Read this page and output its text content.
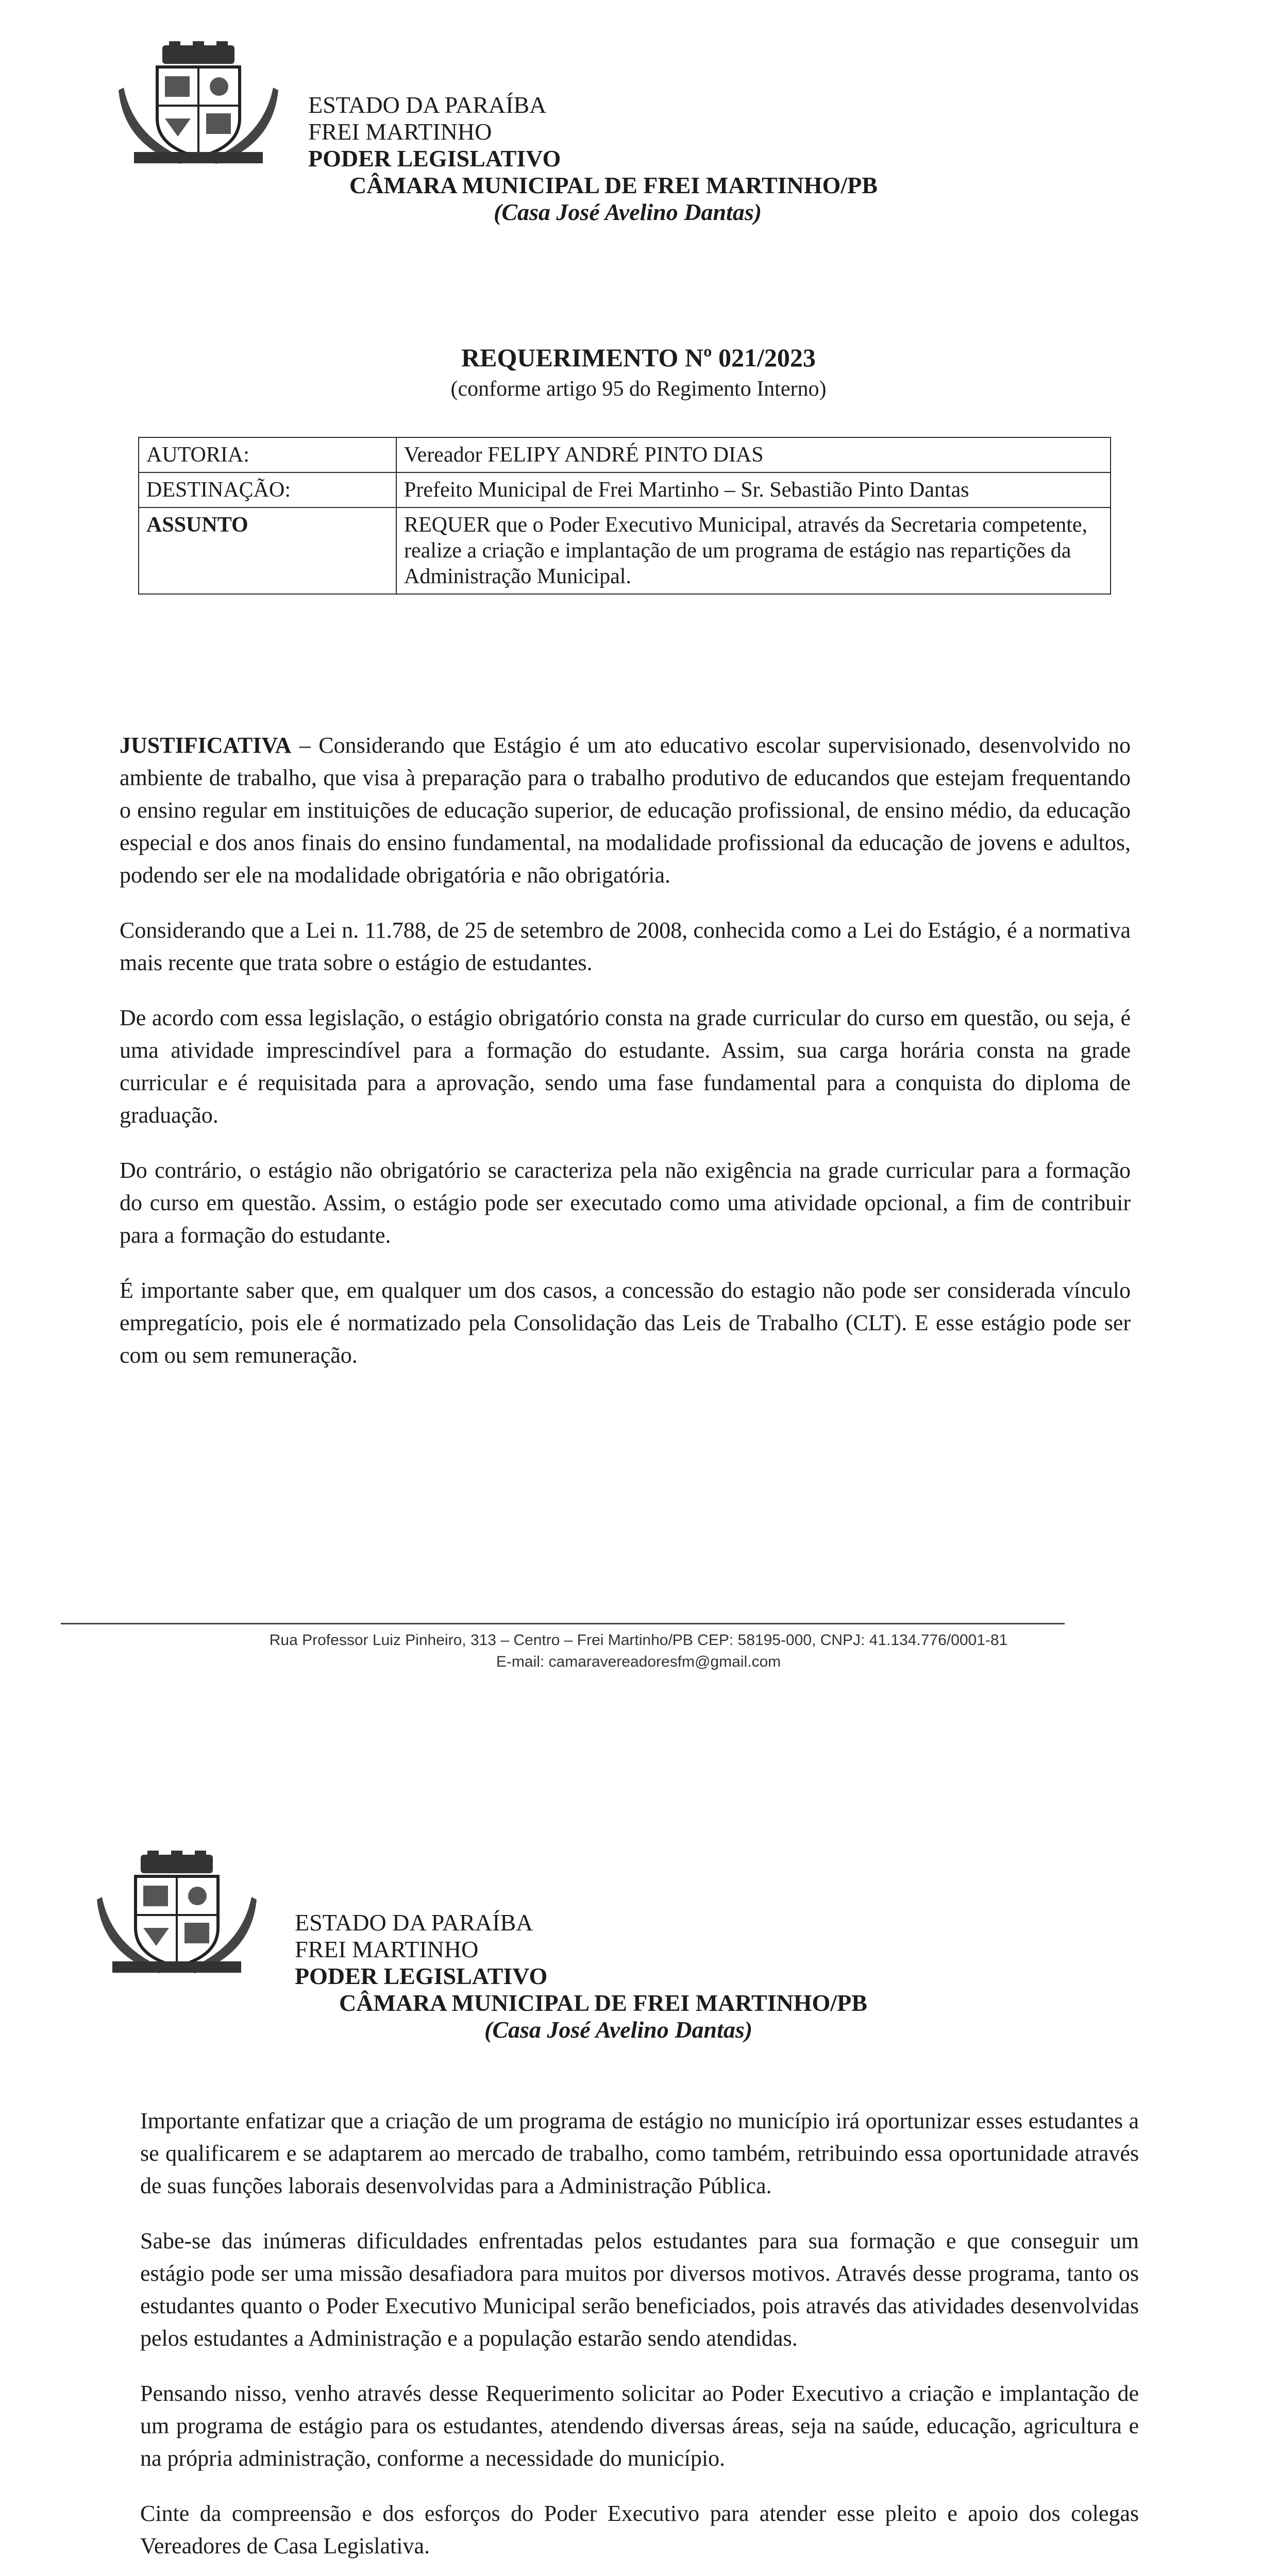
ESTADO DA PARAÍBA
FREI MARTINHO
PODER LEGISLATIVO
CÂMARA MUNICIPAL DE FREI MARTINHO/PB
(Casa José Avelino Dantas)
REQUERIMENTO Nº 021/2023
(conforme artigo 95 do Regimento Interno)
AUTORIA:	Vereador FELIPY ANDRÉ PINTO DIAS
DESTINAÇÃO:	Prefeito Municipal de Frei Martinho – Sr. Sebastião Pinto Dantas
ASSUNTO	REQUER que o Poder Executivo Municipal, através da Secretaria competente, realize a criação e implantação de um programa de estágio nas repartições da Administração Municipal.

JUSTIFICATIVA – Considerando que Estágio é um ato educativo escolar supervisionado, desenvolvido no ambiente de trabalho, que visa à preparação para o trabalho produtivo de educandos que estejam frequentando o ensino regular em instituições de educação superior, de educação profissional, de ensino médio, da educação especial e dos anos finais do ensino fundamental, na modalidade profissional da educação de jovens e adultos, podendo ser ele na modalidade obrigatória e não obrigatória.

Considerando que a Lei n. 11.788, de 25 de setembro de 2008, conhecida como a Lei do Estágio, é a normativa mais recente que trata sobre o estágio de estudantes.

De acordo com essa legislação, o estágio obrigatório consta na grade curricular do curso em questão, ou seja, é uma atividade imprescindível para a formação do estudante. Assim, sua carga horária consta na grade curricular e é requisitada para a aprovação, sendo uma fase fundamental para a conquista do diploma de graduação.

Do contrário, o estágio não obrigatório se caracteriza pela não exigência na grade curricular para a formação do curso em questão. Assim, o estágio pode ser executado como uma atividade opcional, a fim de contribuir para a formação do estudante.

É importante saber que, em qualquer um dos casos, a concessão do estagio não pode ser considerada vínculo empregatício, pois ele é normatizado pela Consolidação das Leis de Trabalho (CLT). E esse estágio pode ser com ou sem remuneração.

Rua Professor Luiz Pinheiro, 313 – Centro – Frei Martinho/PB CEP: 58195-000, CNPJ: 41.134.776/0001-81
E-mail: camaravereadoresfm@gmail.com
ESTADO DA PARAÍBA
FREI MARTINHO
PODER LEGISLATIVO
CÂMARA MUNICIPAL DE FREI MARTINHO/PB
(Casa José Avelino Dantas)

Importante enfatizar que a criação de um programa de estágio no município irá oportunizar esses estudantes a se qualificarem e se adaptarem ao mercado de trabalho, como também, retribuindo essa oportunidade através de suas funções laborais desenvolvidas para a Administração Pública.

Sabe-se das inúmeras dificuldades enfrentadas pelos estudantes para sua formação e que conseguir um estágio pode ser uma missão desafiadora para muitos por diversos motivos. Através desse programa, tanto os estudantes quanto o Poder Executivo Municipal serão beneficiados, pois através das atividades desenvolvidas pelos estudantes a Administração e a população estarão sendo atendidas.

Pensando nisso, venho através desse Requerimento solicitar ao Poder Executivo a criação e implantação de um programa de estágio para os estudantes, atendendo diversas áreas, seja na saúde, educação, agricultura e na própria administração, conforme a necessidade do município.

Cinte da compreensão e dos esforços do Poder Executivo para atender esse pleito e apoio dos colegas Vereadores de Casa Legislativa.
